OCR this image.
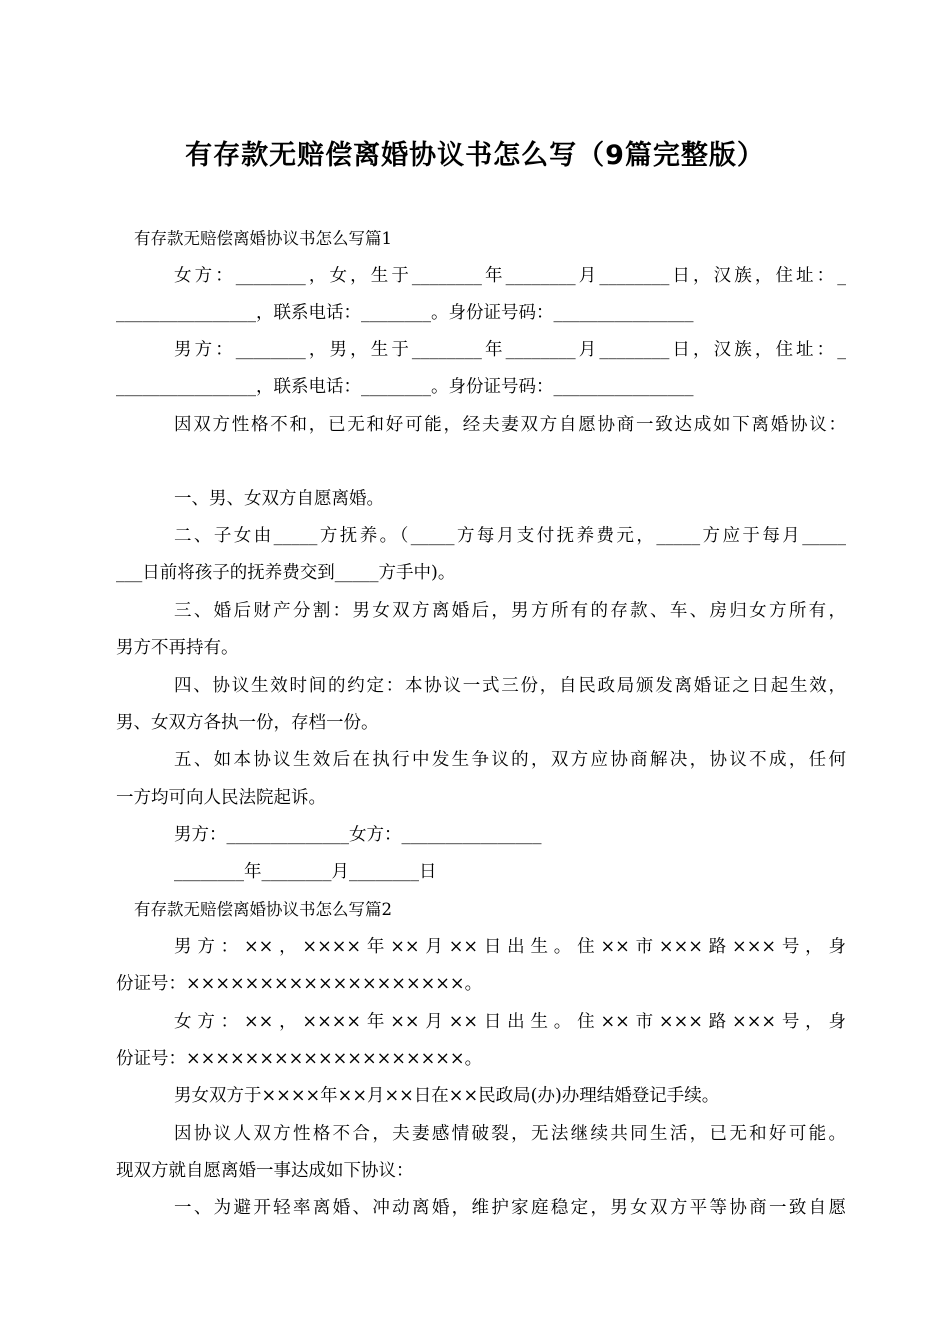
有存款无赔偿离婚协议书怎么写（9篇完整版）
有存款无赔偿离婚协议书怎么写篇1
女方：________，女，生于________年________月________日，汉族，住址：_
________________，联系电话：________。身份证号码：________________
男方：________，男，生于________年________月________日，汉族，住址：_
________________，联系电话：________。身份证号码：________________
因双方性格不和，已无和好可能，经夫妻双方自愿协商一致达成如下离婚协议：
一、男、女双方自愿离婚。
二、子女由_____方抚养。（_____方每月支付抚养费元，_____方应于每月_____
___日前将孩子的抚养费交到_____方手中)。
三、婚后财产分割：男女双方离婚后，男方所有的存款、车、房归女方所有，
男方不再持有。
四、协议生效时间的约定：本协议一式三份，自民政局颁发离婚证之日起生效，
男、女双方各执一份，存档一份。
五、如本协议生效后在执行中发生争议的，双方应协商解决，协议不成，任何
一方均可向人民法院起诉。
男方：______________女方：________________
________年________月________日
有存款无赔偿离婚协议书怎么写篇2
男方：××，××××年××月××日出生。住××市×××路×××号，身
份证号：×××××××××××××××××××。
女方：××，××××年××月××日出生。住××市×××路×××号，身
份证号：×××××××××××××××××××。
男女双方于××××年××月××日在××民政局(办)办理结婚登记手续。
因协议人双方性格不合，夫妻感情破裂，无法继续共同生活，已无和好可能。
现双方就自愿离婚一事达成如下协议：
一、为避开轻率离婚、冲动离婚，维护家庭稳定，男女双方平等协商一致自愿
